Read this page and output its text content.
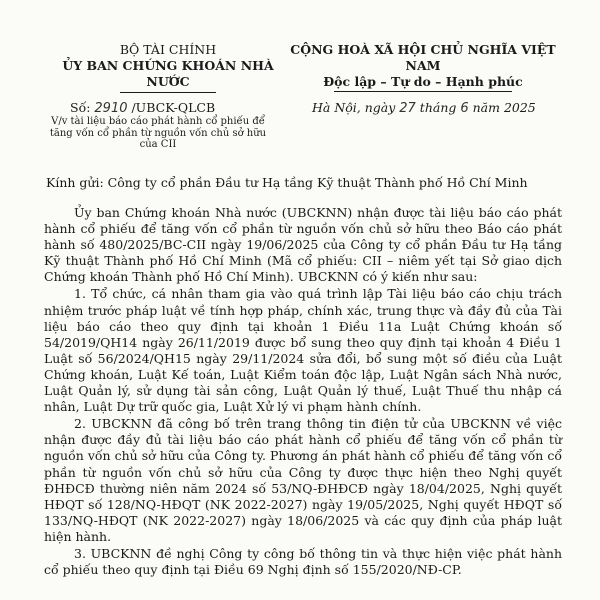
BỘ TÀI CHÍNH
ỦY BAN CHỨNG KHOÁN NHÀ NƯỚC
CỘNG HOÀ XÃ HỘI CHỦ NGHĨA VIỆT NAM
Độc lập – Tự do – Hạnh phúc
Số: 2910 /UBCK-QLCB
V/v tài liệu báo cáo phát hành cổ phiếu để tăng vốn cổ phần từ nguồn vốn chủ sở hữu của CII
Hà Nội, ngày 27 tháng 6 năm 2025
Kính gửi: Công ty cổ phần Đầu tư Hạ tầng Kỹ thuật Thành phố Hồ Chí Minh

Ủy ban Chứng khoán Nhà nước (UBCKNN) nhận được tài liệu báo cáo phát hành cổ phiếu để tăng vốn cổ phần từ nguồn vốn chủ sở hữu theo Báo cáo phát hành số 480/2025/BC-CII ngày 19/06/2025 của Công ty cổ phần Đầu tư Hạ tầng Kỹ thuật Thành phố Hồ Chí Minh (Mã cổ phiếu: CII – niêm yết tại Sở giao dịch Chứng khoán Thành phố Hồ Chí Minh). UBCKNN có ý kiến như sau:

1. Tổ chức, cá nhân tham gia vào quá trình lập Tài liệu báo cáo chịu trách nhiệm trước pháp luật về tính hợp pháp, chính xác, trung thực và đầy đủ của Tài liệu báo cáo theo quy định tại khoản 1 Điều 11a Luật Chứng khoán số 54/2019/QH14 ngày 26/11/2019 được bổ sung theo quy định tại khoản 4 Điều 1 Luật số 56/2024/QH15 ngày 29/11/2024 sửa đổi, bổ sung một số điều của Luật Chứng khoán, Luật Kế toán, Luật Kiểm toán độc lập, Luật Ngân sách Nhà nước, Luật Quản lý, sử dụng tài sản công, Luật Quản lý thuế, Luật Thuế thu nhập cá nhân, Luật Dự trữ quốc gia, Luật Xử lý vi phạm hành chính.

2. UBCKNN đã công bố trên trang thông tin điện tử của UBCKNN về việc nhận được đầy đủ tài liệu báo cáo phát hành cổ phiếu để tăng vốn cổ phần từ nguồn vốn chủ sở hữu của Công ty. Phương án phát hành cổ phiếu để tăng vốn cổ phần từ nguồn vốn chủ sở hữu của Công ty được thực hiện theo Nghị quyết ĐHĐCĐ thường niên năm 2024 số 53/NQ-ĐHĐCĐ ngày 18/04/2025, Nghị quyết HĐQT số 128/NQ-HĐQT (NK 2022-2027) ngày 19/05/2025, Nghị quyết HĐQT số 133/NQ-HĐQT (NK 2022-2027) ngày 18/06/2025 và các quy định của pháp luật hiện hành.

3. UBCKNN đề nghị Công ty công bố thông tin và thực hiện việc phát hành cổ phiếu theo quy định tại Điều 69 Nghị định số 155/2020/NĐ-CP.
